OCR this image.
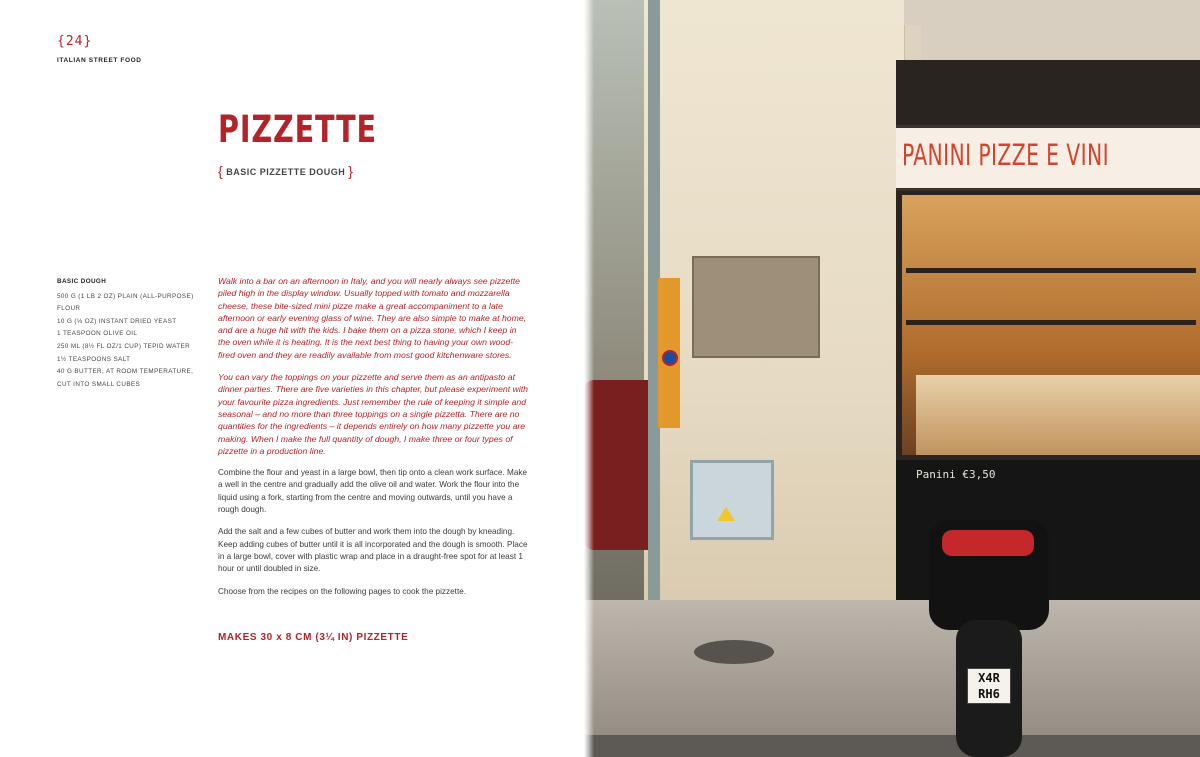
{24}
ITALIAN STREET FOOD
PIZZETTE
{ BASIC PIZZETTE DOUGH }
BASIC DOUGH
500 G (1 LB 2 OZ) PLAIN (ALL-PURPOSE) FLOUR
10 G (⅓ OZ) INSTANT DRIED YEAST
1 TEASPOON OLIVE OIL
250 ML (8½ FL OZ/1 CUP) TEPID WATER
1½ TEASPOONS SALT
40 G BUTTER, AT ROOM TEMPERATURE, CUT INTO SMALL CUBES

Walk into a bar on an afternoon in Italy, and you will nearly always see pizzette piled high in the display window. Usually topped with tomato and mozzarella cheese, these bite-sized mini pizze make a great accompaniment to a late afternoon or early evening glass of wine. They are also simple to make at home, and are a huge hit with the kids. I bake them on a pizza stone, which I keep in the oven while it is heating. It is the next best thing to having your own wood-fired oven and they are readily available from most good kitchenware stores.

You can vary the toppings on your pizzette and serve them as an antipasto at dinner parties. There are five varieties in this chapter, but please experiment with your favourite pizza ingredients. Just remember the rule of keeping it simple and seasonal – and no more than three toppings on a single pizzetta. There are no quantities for the ingredients – it depends entirely on how many pizzette you are making. When I make the full quantity of dough, I make three or four types of pizzette in a production line.

Combine the flour and yeast in a large bowl, then tip onto a clean work surface. Make a well in the centre and gradually add the olive oil and water. Work the flour into the liquid using a fork, starting from the centre and moving outwards, until you have a rough dough.

Add the salt and a few cubes of butter and work them into the dough by kneading. Keep adding cubes of butter until it is all incorporated and the dough is smooth. Place in a large bowl, cover with plastic wrap and place in a draught-free spot for at least 1 hour or until doubled in size.

Choose from the recipes on the following pages to cook the pizzette.

MAKES 30 x 8 CM (3¼ IN) PIZZETTE
PANINI PIZZE E VINI
Panini €3,50
X4R
RH6
